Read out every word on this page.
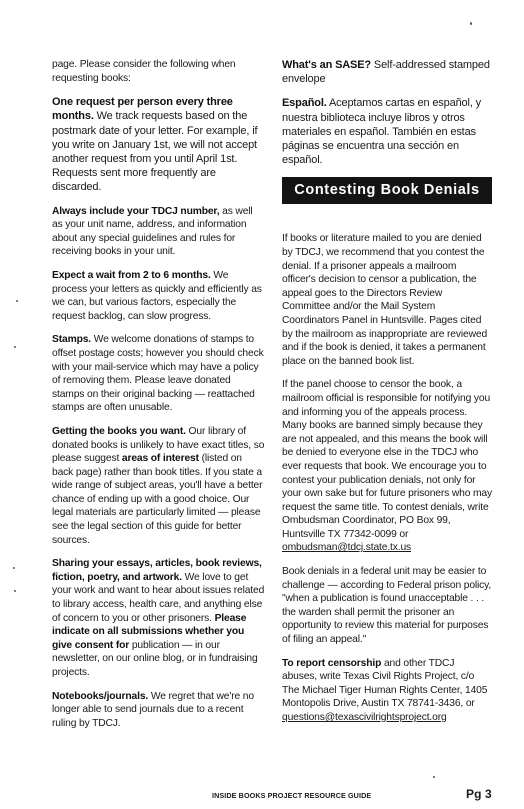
page. Please consider the following when requesting books:

One request per person every three months. We track requests based on the postmark date of your letter. For example, if you write on January 1st, we will not accept another request from you until April 1st. Requests sent more frequently are discarded.

Always include your TDCJ number, as well as your unit name, address, and information about any special guidelines and rules for receiving books in your unit.

Expect a wait from 2 to 6 months. We process your letters as quickly and efficiently as we can, but various factors, especially the request backlog, can slow progress.

Stamps. We welcome donations of stamps to offset postage costs; however you should check with your mail-service which may have a policy of removing them. Please leave donated stamps on their original backing — reattached stamps are often unusable.

Getting the books you want. Our library of donated books is unlikely to have exact titles, so please suggest areas of interest (listed on back page) rather than book titles. If you state a wide range of subject areas, you'll have a better chance of ending up with a good choice. Our legal materials are particularly limited — please see the legal section of this guide for better sources.

Sharing your essays, articles, book reviews, fiction, poetry, and artwork. We love to get your work and want to hear about issues related to library access, health care, and anything else of concern to you or other prisoners. Please indicate on all submissions whether you give consent for publication — in our newsletter, on our online blog, or in fundraising projects.

Notebooks/journals. We regret that we're no longer able to send journals due to a recent ruling by TDCJ.

What's an SASE? Self-addressed stamped envelope

Español. Aceptamos cartas en español, y nuestra biblioteca incluye libros y otros materiales en español. También en estas páginas se encuentra una sección en español.

Contesting Book Denials

If books or literature mailed to you are denied by TDCJ, we recommend that you contest the denial. If a prisoner appeals a mailroom officer's decision to censor a publication, the appeal goes to the Directors Review Committee and/or the Mail System Coordinators Panel in Huntsville. Pages cited by the mailroom as inappropriate are reviewed and if the book is denied, it takes a permanent place on the banned book list.

If the panel choose to censor the book, a mailroom official is responsible for notifying you and informing you of the appeals process. Many books are banned simply because they are not appealed, and this means the book will be denied to everyone else in the TDCJ who ever requests that book. We encourage you to contest your publication denials, not only for your own sake but for future prisoners who may request the same title. To contest denials, write Ombudsman Coordinator, PO Box 99, Huntsville TX 77342-0099 or ombudsman@tdcj.state.tx.us

Book denials in a federal unit may be easier to challenge — according to Federal prison policy, "when a publication is found unacceptable . . . the warden shall permit the prisoner an opportunity to review this material for purposes of filing an appeal."

To report censorship and other TDCJ abuses, write Texas Civil Rights Project, c/o The Michael Tiger Human Rights Center, 1405 Montopolis Drive, Austin TX 78741-3436, or questions@texascivilrightsproject.org

INSIDE BOOKS PROJECT RESOURCE GUIDE	Pg 3
